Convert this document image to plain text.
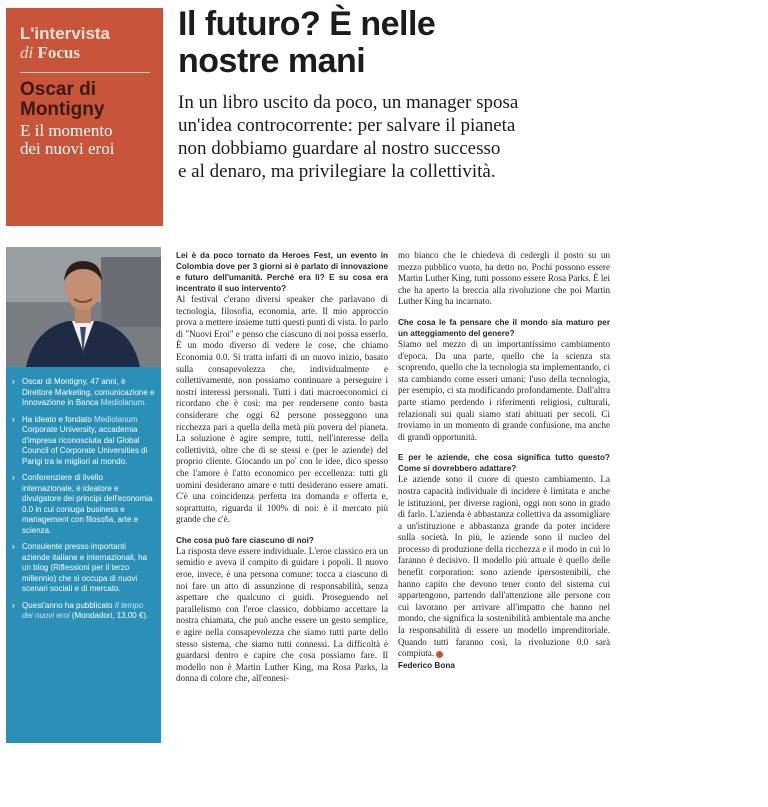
L'intervista
di Focus
Oscar di
Montigny
E il momento
dei nuovi eroi
Il futuro? È nelle
nostre mani
In un libro uscito da poco, un manager sposa
un'idea controcorrente: per salvare il pianeta
non dobbiamo guardare al nostro successo
e al denaro, ma privilegiare la collettività.
› Oscar di Montigny, 47 anni, è Direttore Marketing, comunicazione e Innovazione in Banca Mediolanum.
› Ha ideato e fondato Mediolanum Corporate University, accademia d'impresa riconosciuta dal Global Council of Corporate Universities di Parigi tra le migliori al mondo.
› Conferenziere di livello internazionale, è ideatore e divulgatore dei principi dell'economia 0.0 in cui coniuga business e management con filosofia, arte e scienza.
› Consulente presso importanti aziende italiane e internazionali, ha un blog (Riflessioni per il terzo millennio) che si occupa di nuovi scenari sociali e di mercato.
› Quest'anno ha pubblicato Il tempo dei nuovi eroi (Mondadori, 13,00 €).

Lei è da poco tornato da Heroes Fest, un evento in Colombia dove per 3 giorni si è parlato di innovazione e futuro dell'umanità. Perché era lì? E su cosa era incentrato il suo intervento?

Al festival c'erano diversi speaker che parlavano di tecnologia, filosofia, economia, arte. Il mio approccio prova a mettere insieme tutti questi punti di vista. Io parlo di "Nuovi Eroi" e penso che ciascuno di noi possa esserlo. È un modo diverso di vedere le cose, che chiamo Economia 0.0. Si tratta infatti di un nuovo inizio, basato sulla consapevolezza che, individualmente e collettivamente, non possiamo continuare a perseguire i nostri interessi personali. Tutti i dati macroeconomici ci ricordano che è così: ma per rendersene conto basta considerare che oggi 62 persone posseggono una ricchezza pari a quella della metà più povera del pianeta. La soluzione è agire sempre, tutti, nell'interesse della collettività, oltre che di se stessi e (per le aziende) del proprio cliente. Giocando un po' con le idee, dico spesso che l'amore è l'atto economico per eccellenza: tutti gli uomini desiderano amare e tutti desiderano essere amati. C'è una coincidenza perfetta tra domanda e offerta e, soprattutto, riguarda il 100% di noi: è il mercato più grande che c'è.

Che cosa può fare ciascuno di noi?

La risposta deve essere individuale. L'eroe classico era un semidio e aveva il compito di guidare i popoli. Il nuovo eroe, invece, è una persona comune: tocca a ciascuno di noi fare un atto di assunzione di responsabilità, senza aspettare che qualcuno ci guidi. Proseguendo nel parallelismo con l'eroe classico, dobbiamo accettare la nostra chiamata, che può anche essere un gesto semplice, e agire nella consapevolezza che siamo tutti parte dello stesso sistema, che siamo tutti connessi. La difficoltà è guardarsi dentro e capire che cosa possiamo fare. Il modello non è Martin Luther King, ma Rosa Parks, la donna di colore che, all'ennesi-

mo bianco che le chiedeva di cedergli il posto su un mezzo pubblico vuoto, ha detto no. Pochi possono essere Martin Luther King, tutti possono essere Rosa Parks. È lei che ha aperto la breccia alla rivoluzione che poi Martin Luther King ha incarnato.

Che cosa le fa pensare che il mondo sia maturo per un atteggiamento del genere?

Siamo nel mezzo di un importantissimo cambiamento d'epoca. Da una parte, quello che la scienza sta scoprendo, quello che la tecnologia sta implementando, ci sta cambiando come esseri umani: l'uso della tecnologia, per esempio, ci sta modificando profondamente. Dall'altra parte stiamo perdendo i riferimenti religiosi, culturali, relazionali sui quali siamo stati abituati per secoli. Ci troviamo in un momento di grande confusione, ma anche di grandi opportunità.

E per le aziende, che cosa significa tutto questo? Come si dovrebbero adattare?

Le aziende sono il cuore di questo cambiamento. La nostra capacità individuale di incidere è limitata e anche le istituzioni, per diverse ragioni, oggi non sono in grado di farlo. L'azienda è abbastanza collettiva da assomigliare a un'istituzione e abbastanza grande da poter incidere sulla società. In più, le aziende sono il nucleo del processo di produzione della ricchezza e il modo in cui lo faranno è decisivo. Il modello più attuale è quello delle benefit corporation: sono aziende ipersostenibili, che hanno capito che devono tener conto del sistema cui appartengono, partendo dall'attenzione alle persone con cui lavorano per arrivare all'impatto che hanno nel mondo, che significa la sostenibilità ambientale ma anche la responsabilità di essere un modello imprenditoriale. Quando tutti faranno così, la rivoluzione 0.0 sarà compiuta.

Federico Bona
